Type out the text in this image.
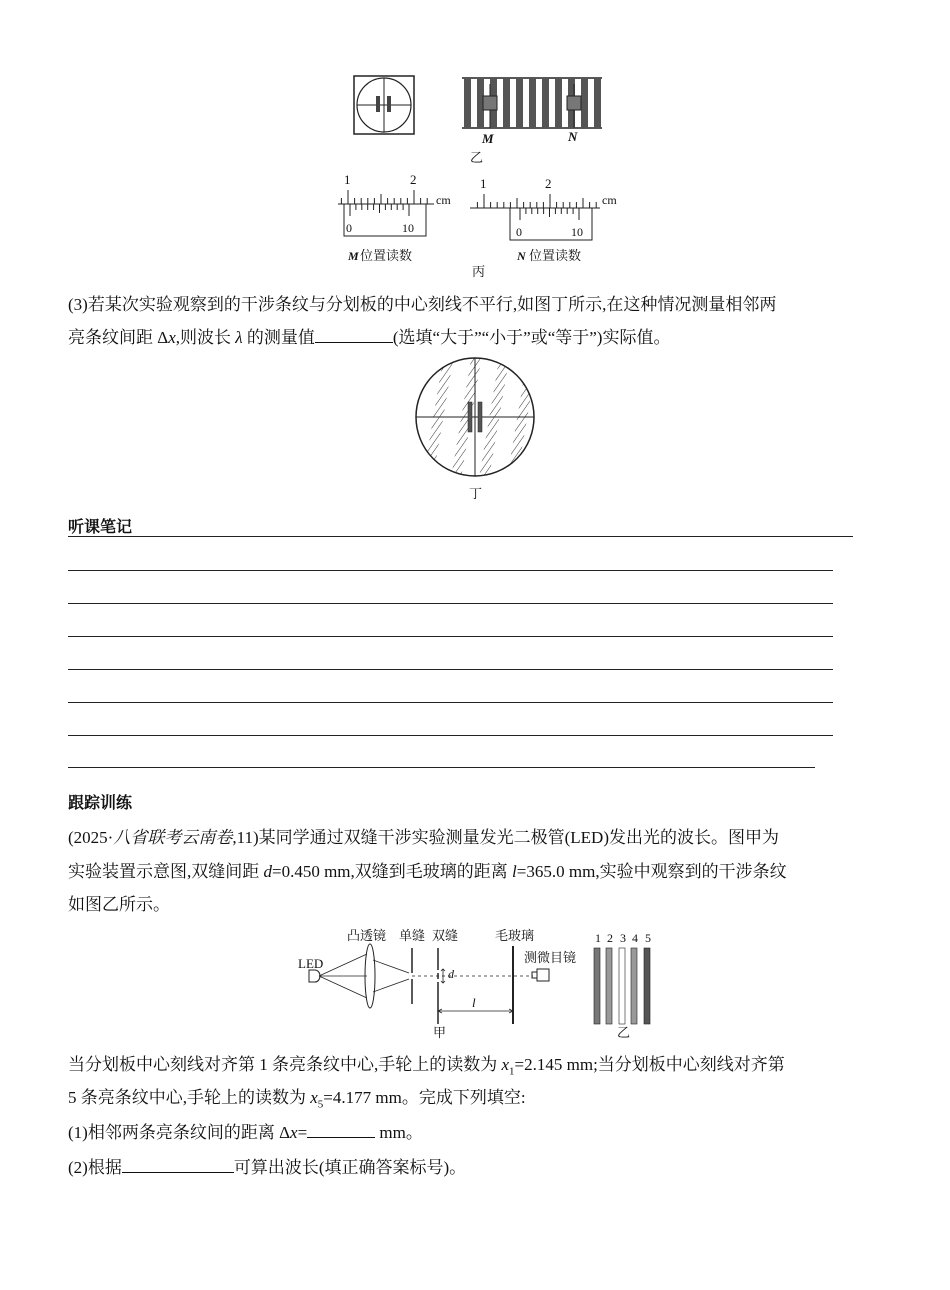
M	N
乙
1	2
cm
0	10
M 位置读数
1	2
cm
0	10
N 位置读数
丙
(3)若某次实验观察到的干涉条纹与分划板的中心刻线不平行,如图丁所示,在这种情况测量相邻两
亮条纹间距 Δx,则波长 λ 的测量值	(选填“大于”“小于”或“等于”)实际值。
丁
听课笔记
跟踪训练
(2025·八省联考云南卷,11)某同学通过双缝干涉实验测量发光二极管(LED)发出光的波长。图甲为
实验装置示意图,双缝间距 d=0.450 mm,双缝到毛玻璃的距离 l=365.0 mm,实验中观察到的干涉条纹
如图乙所示。
凸透镜 单缝 双缝	毛玻璃
测微目镜
LED
d
l
甲
1 2 3 4 5
乙
当分划板中心刻线对齐第 1 条亮条纹中心,手轮上的读数为 $x_1=2.145$ mm;当分划板中心刻线对齐第
5 条亮条纹中心,手轮上的读数为 $x_5=4.177$ mm。完成下列填空:
(1)相邻两条亮条纹间的距离 Δx=	mm。
(2)根据	可算出波长(填正确答案标号)。
